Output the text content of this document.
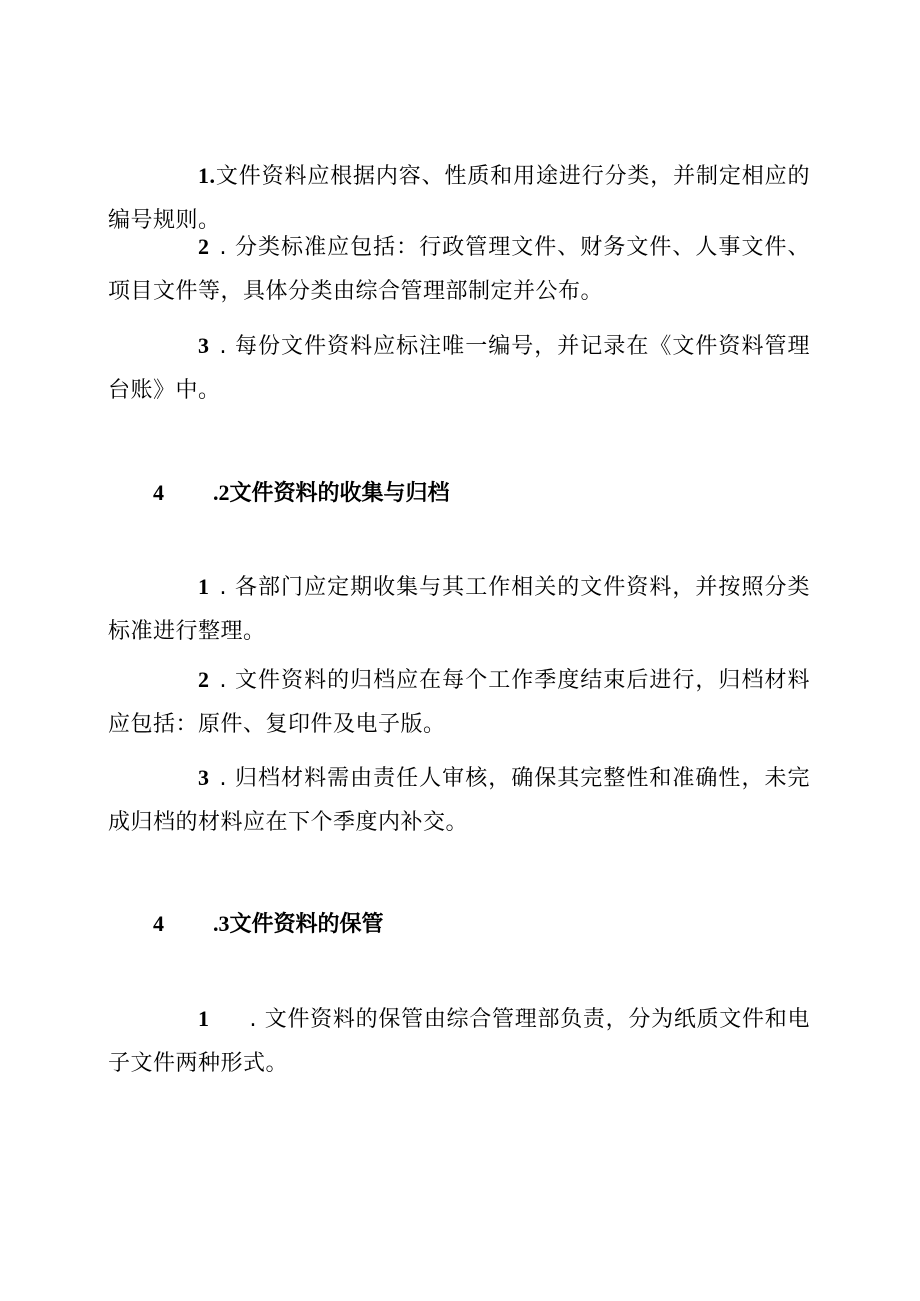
1.文件资料应根据内容、性质和用途进行分类，并制定相应的编号规则。

2 . 分类标准应包括：行政管理文件、财务文件、人事文件、项目文件等，具体分类由综合管理部制定并公布。

3 . 每份文件资料应标注唯一编号，并记录在《文件资料管理台账》中。

4 .2文件资料的收集与归档

1 . 各部门应定期收集与其工作相关的文件资料，并按照分类标准进行整理。

2 . 文件资料的归档应在每个工作季度结束后进行，归档材料应包括：原件、复印件及电子版。

3 . 归档材料需由责任人审核，确保其完整性和准确性，未完成归档的材料应在下个季度内补交。

4 .3文件资料的保管

1 . 文件资料的保管由综合管理部负责，分为纸质文件和电子文件两种形式。
